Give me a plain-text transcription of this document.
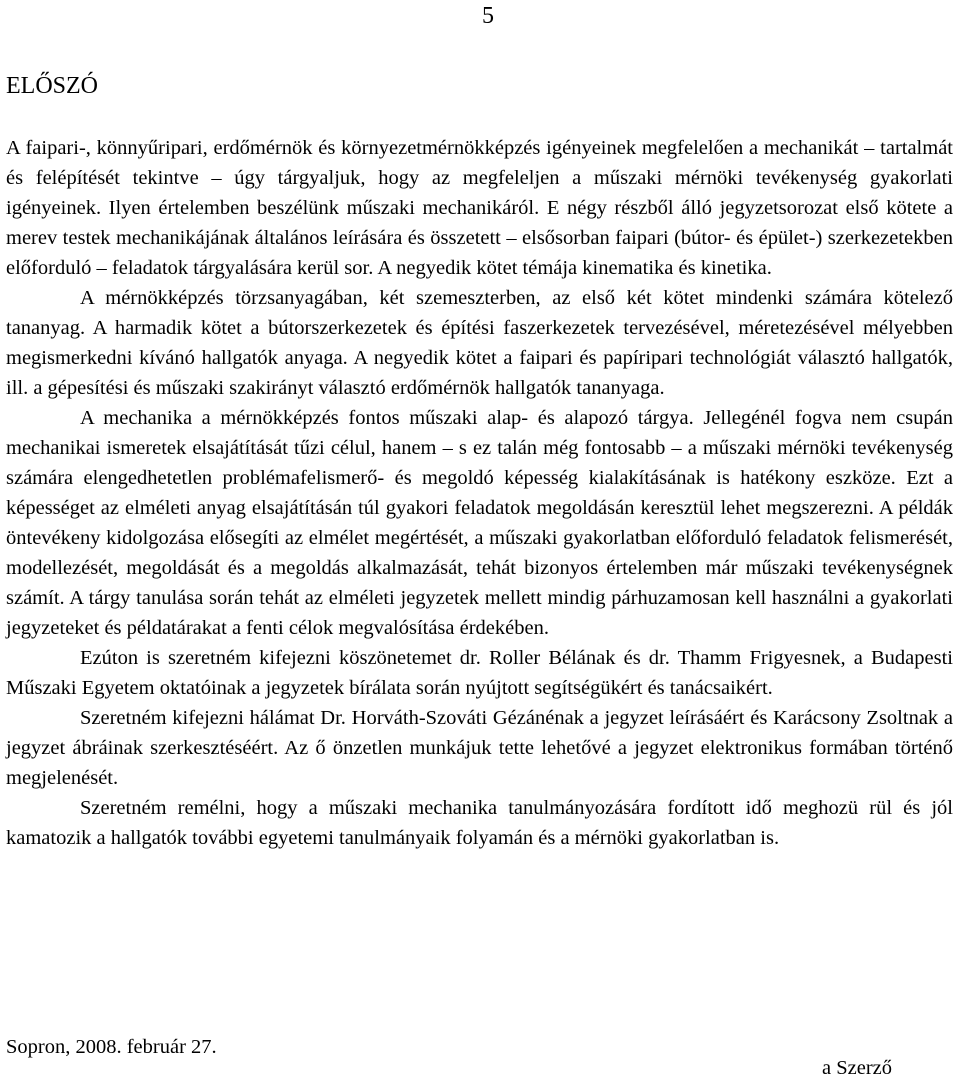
5
ELŐSZÓ

A faipari-, könnyűripari, erdőmérnök és környezetmérnökképzés igényeinek megfelelően a mechanikát – tartalmát és felépítését tekintve – úgy tárgyaljuk, hogy az megfeleljen a műszaki mérnöki tevékenység gyakorlati igényeinek. Ilyen értelemben beszélünk műszaki mechanikáról. E négy részből álló jegyzetsorozat első kötete a merev testek mechanikájának általános leírására és összetett – elsősorban faipari (bútor- és épület-) szerkezetekben előforduló – feladatok tárgyalására kerül sor. A negyedik kötet témája kinematika és kinetika.

A mérnökképzés törzsanyagában, két szemeszterben, az első két kötet mindenki számára kötelező tananyag. A harmadik kötet a bútorszerkezetek és építési faszerkezetek tervezésével, méretezésével mélyebben megismerkedni kívánó hallgatók anyaga. A negyedik kötet a faipari és papíripari technológiát választó hallgatók, ill. a gépesítési és műszaki szakirányt választó erdőmérnök hallgatók tananyaga.

A mechanika a mérnökképzés fontos műszaki alap- és alapozó tárgya. Jellegénél fogva nem csupán mechanikai ismeretek elsajátítását tűzi célul, hanem – s ez talán még fontosabb – a műszaki mérnöki tevékenység számára elengedhetetlen problémafelismerő- és megoldó képesség kialakításának is hatékony eszköze. Ezt a képességet az elméleti anyag elsajátításán túl gyakori feladatok megoldásán keresztül lehet megszerezni. A példák öntevékeny kidolgozása elősegíti az elmélet megértését, a műszaki gyakorlatban előforduló feladatok felismerését, modellezését, megoldását és a megoldás alkalmazását, tehát bizonyos értelemben már műszaki tevékenységnek számít. A tárgy tanulása során tehát az elméleti jegyzetek mellett mindig párhuzamosan kell használni a gyakorlati jegyzeteket és példatárakat a fenti célok megvalósítása érdekében.

Ezúton is szeretném kifejezni köszönetemet dr. Roller Bélának és dr. Thamm Frigyesnek, a Budapesti Műszaki Egyetem oktatóinak a jegyzetek bírálata során nyújtott segítségükért és tanácsaikért.

Szeretném kifejezni hálámat Dr. Horváth-Szováti Gézánénak a jegyzet leírásáért és Karácsony Zsoltnak a jegyzet ábráinak szerkesztéséért. Az ő önzetlen munkájuk tette lehetővé a jegyzet elektronikus formában történő megjelenését.

Szeretném remélni, hogy a műszaki mechanika tanulmányozására fordított idő meghozü rül és jól kamatozik a hallgatók további egyetemi tanulmányaik folyamán és a mérnöki gyakorlatban is.

Sopron, 2008. február 27.
a Szerző
